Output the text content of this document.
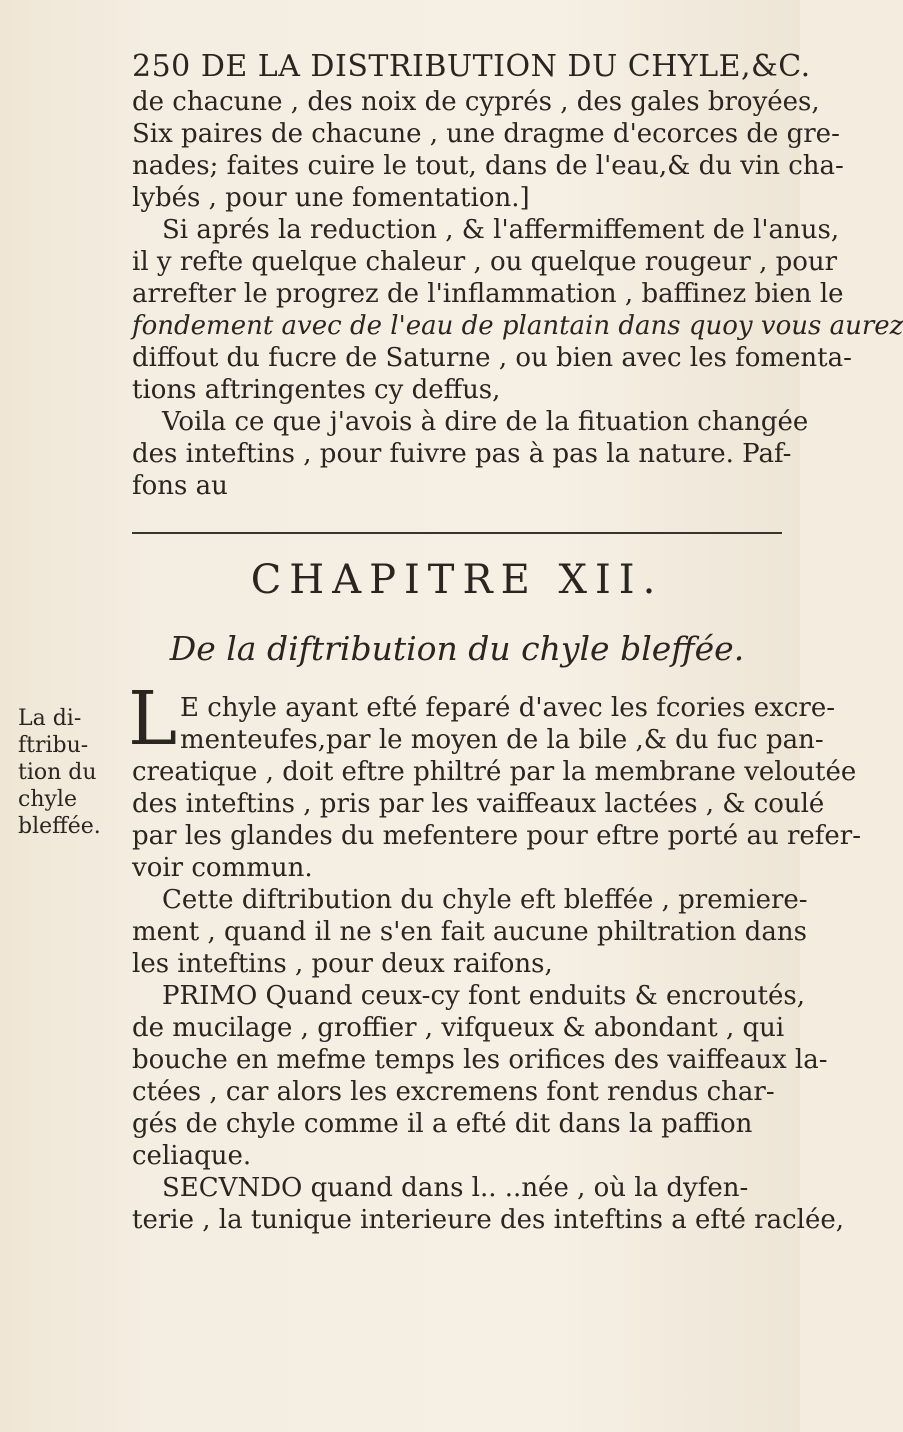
250 DE LA DISTRIBUTION DU CHYLE,&C.
de chacune , des noix de cyprés , des gales broyées,
Six paires de chacune , une dragme d'ecorces de gre-
nades; faites cuire le tout, dans de l'eau,& du vin cha-
lybés , pour une fomentation.]
Si aprés la reduction , & l'affermiffement de l'anus,
il y refte quelque chaleur , ou quelque rougeur , pour
arrefter le progrez de l'inflammation , baffinez bien le
fondement avec de l'eau de plantain dans quoy vous aurez
diffout du fucre de Saturne , ou bien avec les fomenta-
tions aftringentes cy deffus,
Voila ce que j'avois à dire de la fituation changée
des inteftins , pour fuivre pas à pas la nature. Paf-
fons au
CHAPITRE XII.
De la diftribution du chyle bleffée.
La di-
ftribu-
tion du
chyle
bleffée.
L E chyle ayant efté feparé d'avec les fcories excre-
menteufes,par le moyen de la bile ,& du fuc pan-
creatique , doit eftre philtré par la membrane veloutée
des inteftins , pris par les vaiffeaux lactées , & coulé
par les glandes du mefentere pour eftre porté au refer-
voir commun.
Cette diftribution du chyle eft bleffée , premiere-
ment , quand il ne s'en fait aucune philtration dans
les inteftins , pour deux raifons,
PRIMO Quand ceux-cy font enduits & encroutés,
de mucilage , groffier , vifqueux & abondant , qui
bouche en mefme temps les orifices des vaiffeaux la-
ctées , car alors les excremens font rendus char-
gés de chyle comme il a efté dit dans la paffion
celiaque.
SECVNDO quand dans l.. ..née , où la dyfen-
terie , la tunique interieure des inteftins a efté raclée,
